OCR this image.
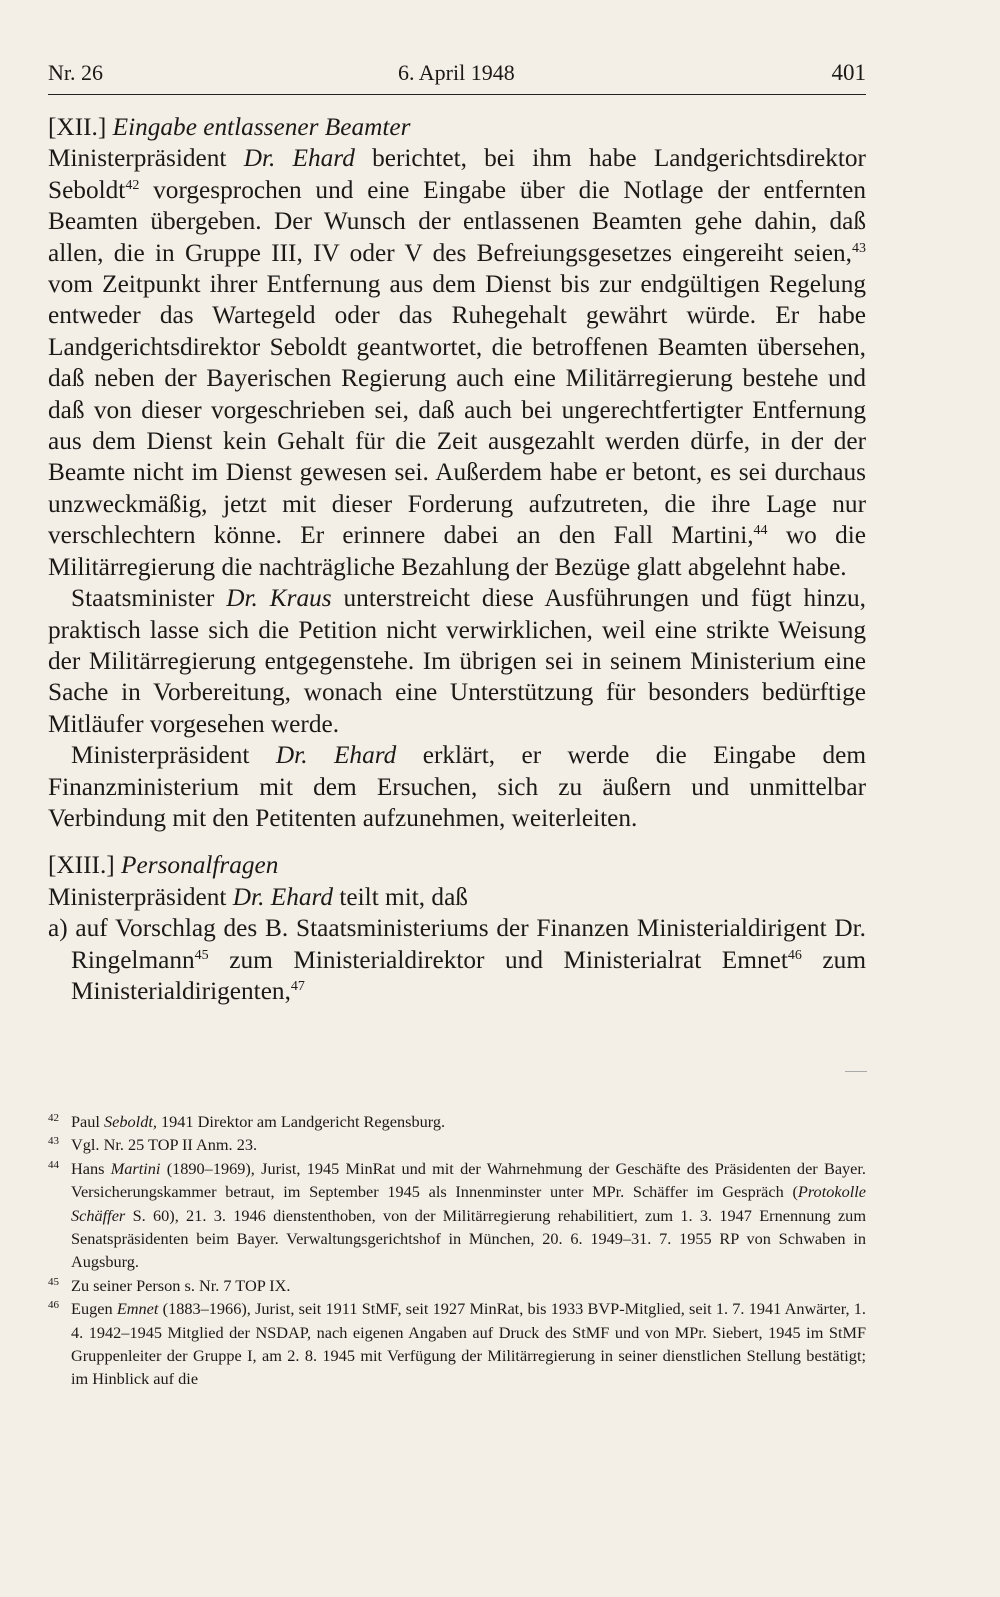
Nr. 26	6. April 1948	401

[XII.] Eingabe entlassener Beamter

Ministerpräsident Dr. Ehard berichtet, bei ihm habe Landgerichtsdirektor Seboldt$^{42}$ vorgesprochen und eine Eingabe über die Notlage der entfernten Beamten übergeben. Der Wunsch der entlassenen Beamten gehe dahin, daß allen, die in Gruppe III, IV oder V des Befreiungsgesetzes eingereiht seien,$^{43}$ vom Zeitpunkt ihrer Entfernung aus dem Dienst bis zur endgültigen Regelung entweder das Wartegeld oder das Ruhegehalt gewährt würde. Er habe Landgerichtsdirektor Seboldt geantwortet, die betroffenen Beamten übersehen, daß neben der Bayerischen Regierung auch eine Militärregierung bestehe und daß von dieser vorgeschrieben sei, daß auch bei ungerechtfertigter Entfernung aus dem Dienst kein Gehalt für die Zeit ausgezahlt werden dürfe, in der der Beamte nicht im Dienst gewesen sei. Außerdem habe er betont, es sei durchaus unzweckmäßig, jetzt mit dieser Forderung aufzutreten, die ihre Lage nur verschlechtern könne. Er erinnere dabei an den Fall Martini,$^{44}$ wo die Militärregierung die nachträgliche Bezahlung der Bezüge glatt abgelehnt habe.

Staatsminister Dr. Kraus unterstreicht diese Ausführungen und fügt hinzu, praktisch lasse sich die Petition nicht verwirklichen, weil eine strikte Weisung der Militärregierung entgegenstehe. Im übrigen sei in seinem Ministerium eine Sache in Vorbereitung, wonach eine Unterstützung für besonders bedürftige Mitläufer vorgesehen werde.

Ministerpräsident Dr. Ehard erklärt, er werde die Eingabe dem Finanzministerium mit dem Ersuchen, sich zu äußern und unmittelbar Verbindung mit den Petitenten aufzunehmen, weiterleiten.

[XIII.] Personalfragen

Ministerpräsident Dr. Ehard teilt mit, daß

a) auf Vorschlag des B. Staatsministeriums der Finanzen Ministerialdirigent Dr. Ringelmann$^{45}$ zum Ministerialdirektor und Ministerialrat Emnet$^{46}$ zum Ministerialdirigenten,$^{47}$

42 Paul Seboldt, 1941 Direktor am Landgericht Regensburg.

43 Vgl. Nr. 25 TOP II Anm. 23.

44 Hans Martini (1890–1969), Jurist, 1945 MinRat und mit der Wahrnehmung der Geschäfte des Präsidenten der Bayer. Versicherungskammer betraut, im September 1945 als Innenminster unter MPr. Schäffer im Gespräch (Protokolle Schäffer S. 60), 21. 3. 1946 dienstenthoben, von der Militärregierung rehabilitiert, zum 1. 3. 1947 Ernennung zum Senatspräsidenten beim Bayer. Verwaltungsgerichtshof in München, 20. 6. 1949–31. 7. 1955 RP von Schwaben in Augsburg.

45 Zu seiner Person s. Nr. 7 TOP IX.

46 Eugen Emnet (1883–1966), Jurist, seit 1911 StMF, seit 1927 MinRat, bis 1933 BVP-Mitglied, seit 1. 7. 1941 Anwärter, 1. 4. 1942–1945 Mitglied der NSDAP, nach eigenen Angaben auf Druck des StMF und von MPr. Siebert, 1945 im StMF Gruppenleiter der Gruppe I, am 2. 8. 1945 mit Verfügung der Militärregierung in seiner dienstlichen Stellung bestätigt; im Hinblick auf die
